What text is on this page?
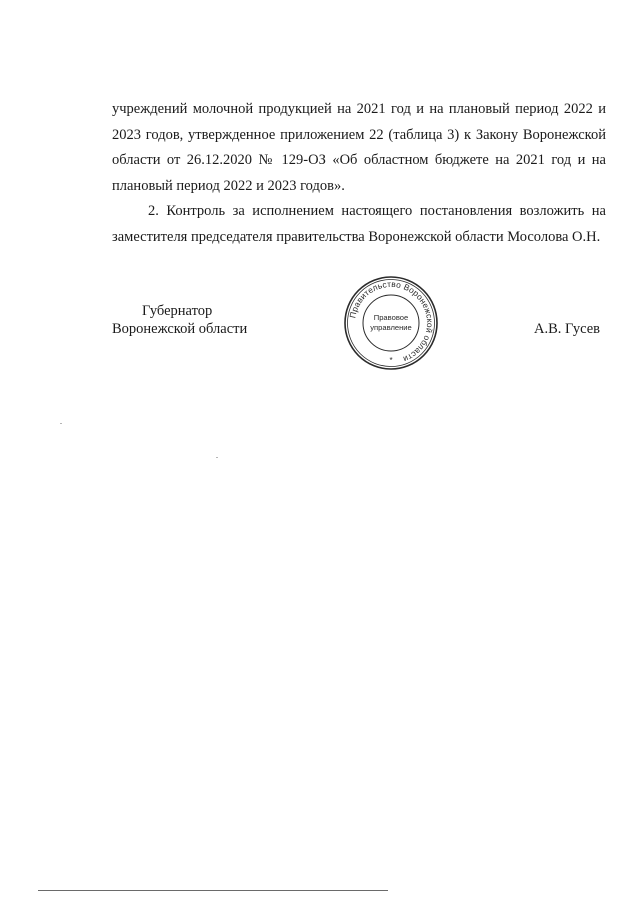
учреждений молочной продукцией на 2021 год и на плановый период 2022 и 2023 годов, утвержденное приложением 22 (таблица 3) к Закону Воронежской области от 26.12.2020 № 129-ОЗ «Об областном бюджете на 2021 год и на плановый период 2022 и 2023 годов».

2. Контроль за исполнением настоящего постановления возложить на заместителя председателя правительства Воронежской области Мосолова О.Н.

Губернатор
Воронежской области
Правительство Воронежской области
Правовое
управление
*
А.В. Гусев
